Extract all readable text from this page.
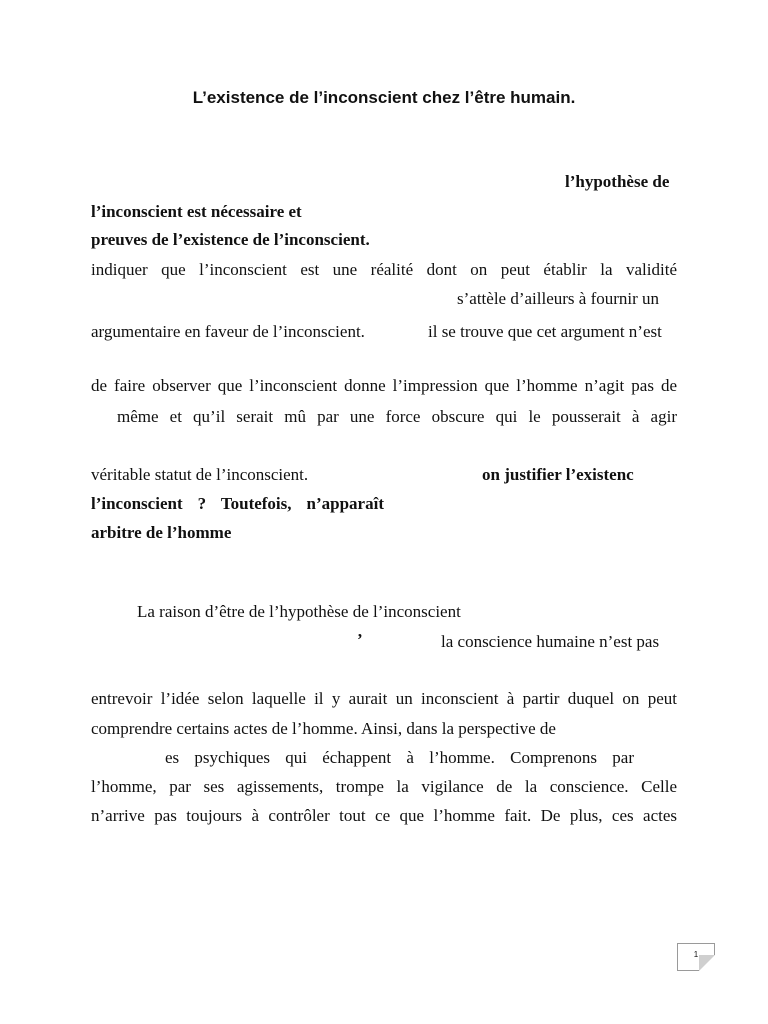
L’existence de l’inconscient chez l’être humain.
l’hypothèse de
l’inconscient est nécessaire et
preuves de l’existence de l’inconscient.
indiquer que l’inconscient est une réalité dont on peut établir la validité
s’attèle d’ailleurs à fournir un
argumentaire en faveur de l’inconscient.	il se trouve que cet argument n’est
de faire observer que l’inconscient donne l’impression que l’homme n’agit pas de
même et qu’il serait mû par une force obscure qui le pousserait à agir
véritable statut de l’inconscient.	on justifier l’existenc
l’inconscient ? Toutefois, n’apparaît
arbitre de l’homme
La raison d’être de l’hypothèse de l’inconscient
’	la conscience humaine n’est pas
entrevoir l’idée selon laquelle il y aurait un inconscient à partir duquel on peut
comprendre certains actes de l’homme. Ainsi, dans la perspective de
es psychiques qui échappent à l’homme. Comprenons par
l’homme, par ses agissements, trompe la vigilance de la conscience. Celle
n’arrive pas toujours à contrôler tout ce que l’homme fait. De plus, ces actes
1
